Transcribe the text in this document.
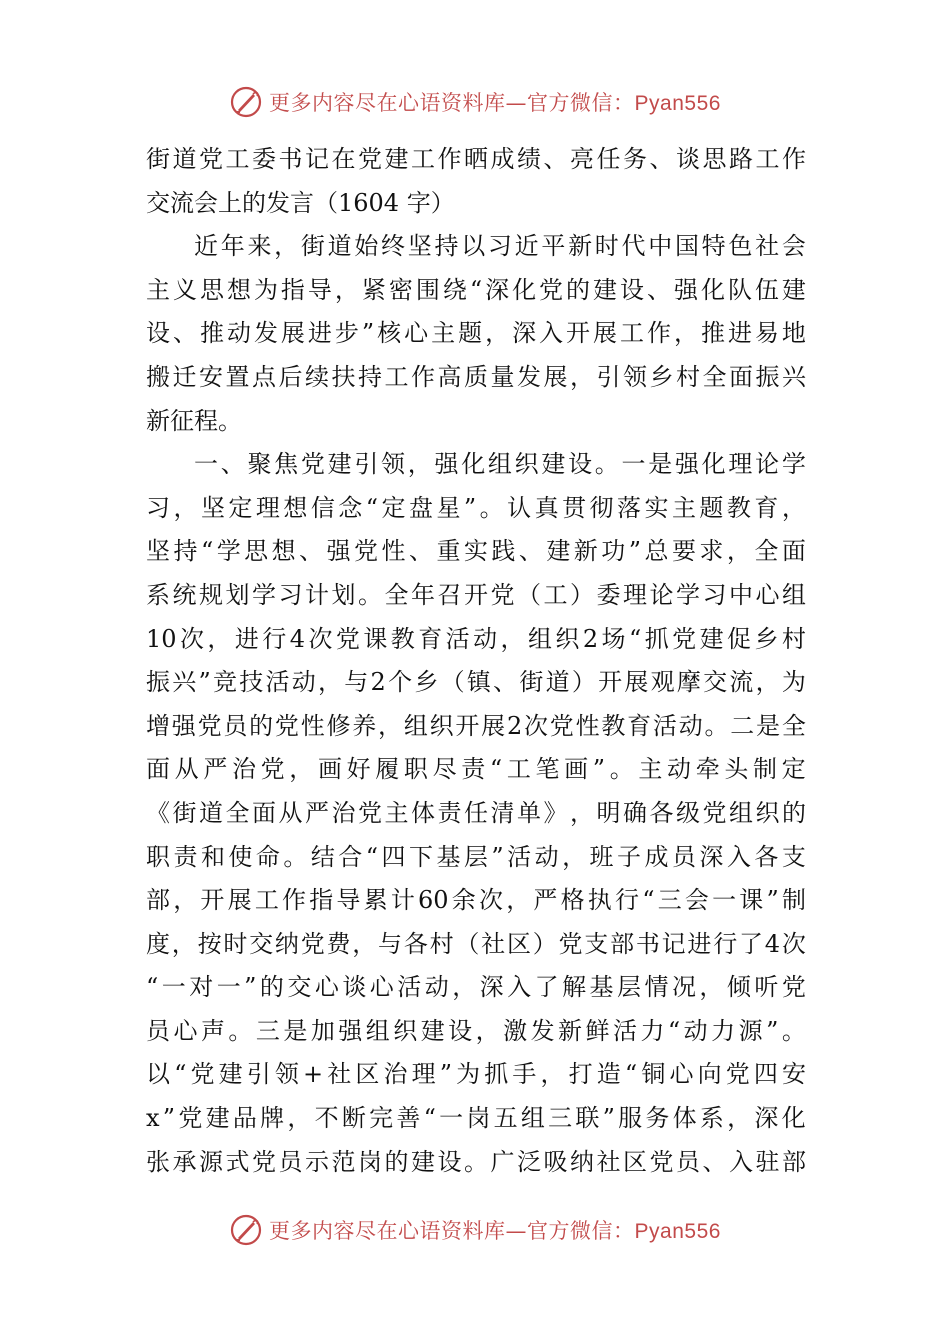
更多内容尽在心语资料库—官方微信：Pyan556
街 道 党 工 委 书 记 在 党 建 工 作 晒 成 绩 、 亮 任 务 、 谈 思 路 工 作
交流会上的发言（1604 字）
近 年 来 ， 街 道 始 终 坚 持 以 习 近 平 新 时 代 中 国 特 色 社 会
主 义 思 想 为 指 导 ， 紧 密 围 绕 “ 深 化 党 的 建 设 、 强 化 队 伍 建
设 、 推 动 发 展 进 步 ” 核 心 主 题 ， 深 入 开 展 工 作 ， 推 进 易 地
搬 迁 安 置 点 后 续 扶 持 工 作 高 质 量 发 展 ， 引 领 乡 村 全 面 振 兴
新征程。
一 、 聚 焦 党 建 引 领 ， 强 化 组 织 建 设 。 一 是 强 化 理 论 学
习 ， 坚 定 理 想 信 念 “ 定 盘 星 ” 。 认 真 贯 彻 落 实 主 题 教 育 ，
坚 持 “ 学 思 想 、 强 党 性 、 重 实 践 、 建 新 功 ” 总 要 求 ， 全 面
系 统 规 划 学 习 计 划 。 全 年 召 开 党 （ 工 ） 委 理 论 学 习 中 心 组
10 次 ， 进 行 4 次 党 课 教 育 活 动 ， 组 织 2 场 “ 抓 党 建 促 乡 村
振 兴 ” 竞 技 活 动 ， 与 2 个 乡 （ 镇 、 街 道 ） 开 展 观 摩 交 流 ， 为
增 强 党 员 的 党 性 修 养 ， 组 织 开 展 2 次 党 性 教 育 活 动 。 二 是 全
面 从 严 治 党 ， 画 好 履 职 尽 责 “ 工 笔 画 ” 。 主 动 牵 头 制 定
《 街 道 全 面 从 严 治 党 主 体 责 任 清 单 》 ， 明 确 各 级 党 组 织 的
职 责 和 使 命 。 结 合 “ 四 下 基 层 ” 活 动 ， 班 子 成 员 深 入 各 支
部 ， 开 展 工 作 指 导 累 计 60 余 次 ， 严 格 执 行 “ 三 会 一 课 ” 制
度 ， 按 时 交 纳 党 费 ， 与 各 村 （ 社 区 ） 党 支 部 书 记 进 行 了 4 次
“ 一 对 一 ” 的 交 心 谈 心 活 动 ， 深 入 了 解 基 层 情 况 ， 倾 听 党
员 心 声 。 三 是 加 强 组 织 建 设 ， 激 发 新 鲜 活 力 “ 动 力 源 ” 。
以 “ 党 建 引 领 + 社 区 治 理 ” 为 抓 手 ， 打 造 “ 铜 心 向 党 四 安
x ” 党 建 品 牌 ， 不 断 完 善 “ 一 岗 五 组 三 联 ” 服 务 体 系 ， 深 化
张 承 源 式 党 员 示 范 岗 的 建 设 。 广 泛 吸 纳 社 区 党 员 、 入 驻 部
更多内容尽在心语资料库—官方微信：Pyan556
